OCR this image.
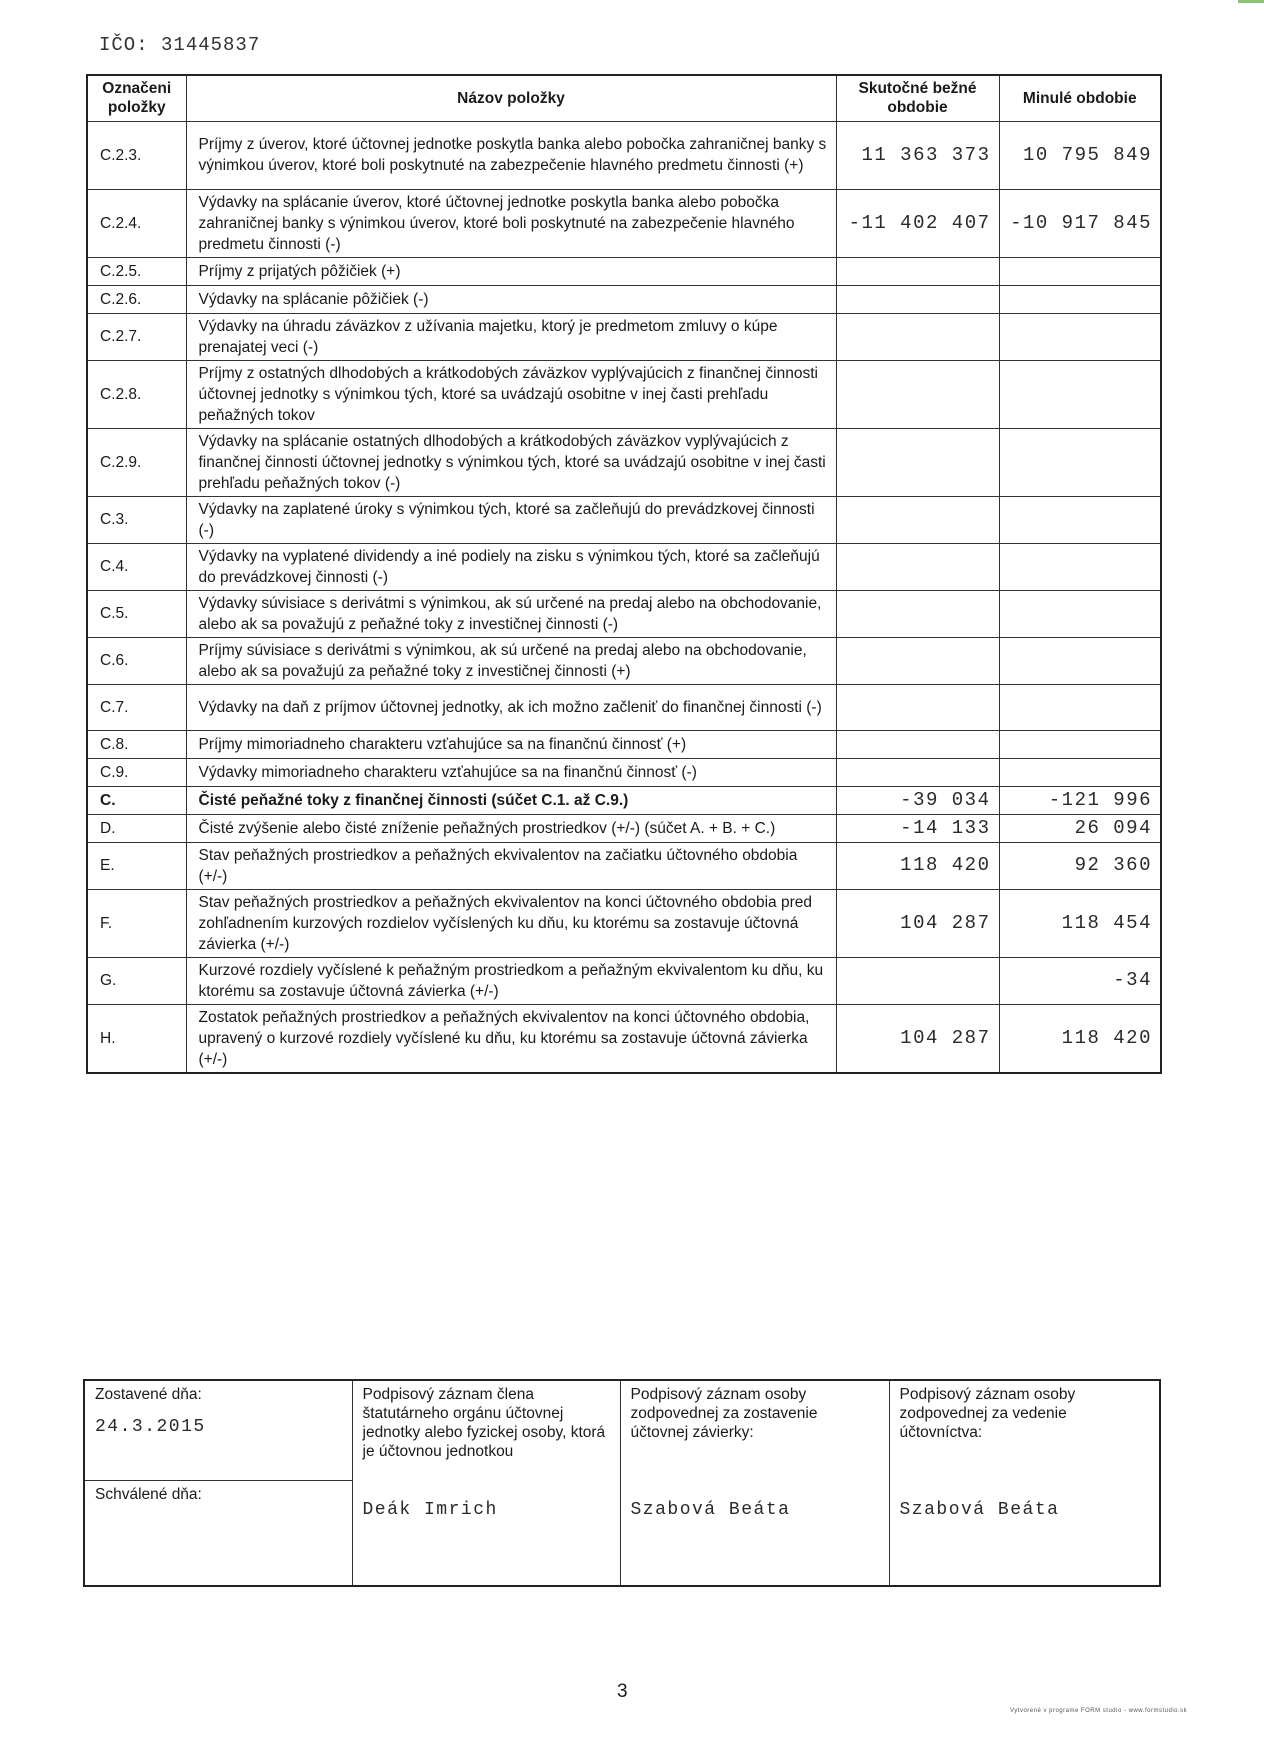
IČO: 31445837
Označeni položky	Názov položky	Skutočné bežné obdobie	Minulé obdobie
C.2.3.	Príjmy z úverov, ktoré účtovnej jednotke poskytla banka alebo pobočka zahraničnej banky s výnimkou úverov, ktoré boli poskytnuté na zabezpečenie hlavného predmetu činnosti (+)	11 363 373	10 795 849
C.2.4.	Výdavky na splácanie úverov, ktoré účtovnej jednotke poskytla banka alebo pobočka zahraničnej banky s výnimkou úverov, ktoré boli poskytnuté na zabezpečenie hlavného predmetu činnosti (-)	-11 402 407	-10 917 845
C.2.5.	Príjmy z prijatých pôžičiek (+)		
C.2.6.	Výdavky na splácanie pôžičiek (-)		
C.2.7.	Výdavky na úhradu záväzkov z užívania majetku, ktorý je predmetom zmluvy o kúpe prenajatej veci (-)		
C.2.8.	Príjmy z ostatných dlhodobých a krátkodobých záväzkov vyplývajúcich z finančnej činnosti účtovnej jednotky s výnimkou tých, ktoré sa uvádzajú osobitne v inej časti prehľadu peňažných tokov		
C.2.9.	Výdavky na splácanie ostatných dlhodobých a krátkodobých záväzkov vyplývajúcich z finančnej činnosti účtovnej jednotky s výnimkou tých, ktoré sa uvádzajú osobitne v inej časti prehľadu peňažných tokov (-)		
C.3.	Výdavky na zaplatené úroky s výnimkou tých, ktoré sa začleňujú do prevádzkovej činnosti (-)		
C.4.	Výdavky na vyplatené dividendy a iné podiely na zisku s výnimkou tých, ktoré sa začleňujú do prevádzkovej činnosti (-)		
C.5.	Výdavky súvisiace s derivátmi s výnimkou, ak sú určené na predaj alebo na obchodovanie, alebo ak sa považujú z peňažné toky z investičnej činnosti (-)		
C.6.	Príjmy súvisiace s derivátmi s výnimkou, ak sú určené na predaj alebo na obchodovanie, alebo ak sa považujú za peňažné toky z investičnej činnosti (+)		
C.7.	Výdavky na daň z príjmov účtovnej jednotky, ak ich možno začleniť do finančnej činnosti (-)		
C.8.	Príjmy mimoriadneho charakteru vzťahujúce sa na finančnú činnosť (+)		
C.9.	Výdavky mimoriadneho charakteru vzťahujúce sa na finančnú činnosť (-)		
C.	Čisté peňažné toky z finančnej činnosti (súčet C.1. až C.9.)	-39 034	-121 996
D.	Čisté zvýšenie alebo čisté zníženie peňažných prostriedkov (+/-) (súčet A. + B. + C.)	-14 133	26 094
E.	Stav peňažných prostriedkov a peňažných ekvivalentov na začiatku účtovného obdobia (+/-)	118 420	92 360
F.	Stav peňažných prostriedkov a peňažných ekvivalentov na konci účtovného obdobia pred zohľadnením kurzových rozdielov vyčíslených ku dňu, ku ktorému sa zostavuje účtovná závierka (+/-)	104 287	118 454
G.	Kurzové rozdiely vyčíslené k peňažným prostriedkom a peňažným ekvivalentom ku dňu, ku ktorému sa zostavuje účtovná závierka (+/-)		-34
H.	Zostatok peňažných prostriedkov a peňažných ekvivalentov na konci účtovného obdobia, upravený o kurzové rozdiely vyčíslené ku dňu, ku ktorému sa zostavuje účtovná závierka (+/-)	104 287	118 420
Zostavené dňa:
24.3.2015

Podpisový záznam člena štatutárneho orgánu účtovnej jednotky alebo fyzickej osoby, ktorá je účtovnou jednotkou
Deák Imrich

Podpisový záznam osoby zodpovednej za zostavenie účtovnej závierky:
Szabová Beáta

Podpisový záznam osoby zodpovednej za vedenie účtovníctva:
Szabová Beáta

Schválené dňa:
3
Vytvorené v programe FORM studio - www.formstudio.sk
